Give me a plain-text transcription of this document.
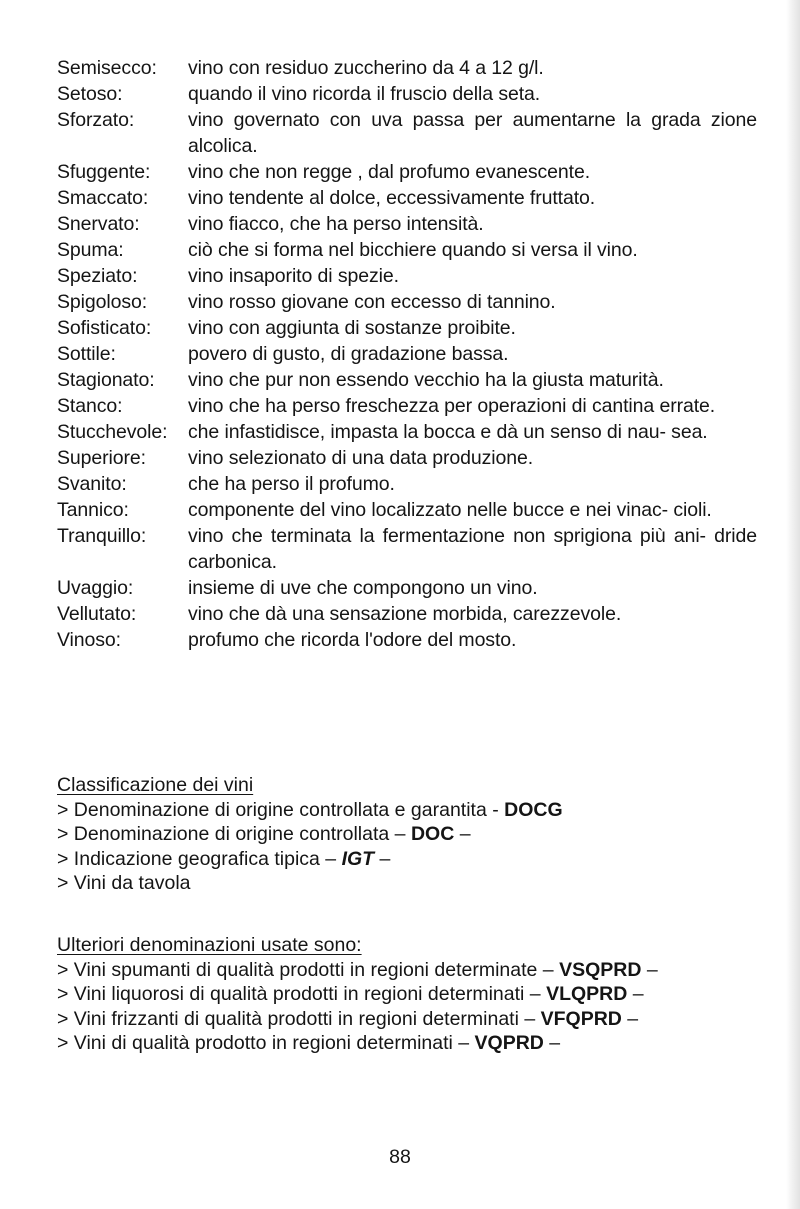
Semisecco: vino con residuo zuccherino da 4 a 12 g/l.
Setoso:	quando il vino ricorda il fruscio della seta.
Sforzato:	vino governato con uva passa per aumentarne la grada zione alcolica.
Sfuggente: vino che non regge , dal profumo evanescente.
Smaccato: vino tendente al dolce, eccessivamente fruttato.
Snervato: vino fiacco, che ha perso intensità.
Spuma:	ciò che si forma nel bicchiere quando si versa il vino.
Speziato:	vino insaporito di spezie.
Spigoloso: vino rosso giovane con eccesso di tannino.
Sofisticato: vino con aggiunta di sostanze proibite.
Sottile:	povero di gusto, di gradazione bassa.
Stagionato: vino che pur non essendo vecchio ha la giusta maturità.
Stanco:	vino che ha perso freschezza per operazioni di cantina errate.
Stucchevole: che infastidisce, impasta la bocca e dà un senso di nau- sea.
Superiore: vino selezionato di una data produzione.
Svanito:	che ha perso il profumo.
Tannico:	componente del vino localizzato nelle bucce e nei vinac- cioli.
Tranquillo: vino che terminata la fermentazione non sprigiona più ani- dride carbonica.
Uvaggio:	insieme di uve che compongono un vino.
Vellutato:	vino che dà una sensazione morbida, carezzevole.
Vinoso:	profumo che ricorda l'odore del mosto.
Classificazione dei vini
> Denominazione di origine controllata e garantita - DOCG
> Denominazione di origine controllata – DOC –
> Indicazione geografica tipica – IGT –
> Vini da tavola
Ulteriori denominazioni usate sono:
> Vini spumanti di qualità prodotti in regioni determinate – VSQPRD –
> Vini liquorosi di qualità prodotti in regioni determinati – VLQPRD –
> Vini frizzanti di qualità prodotti in regioni determinati – VFQPRD –
> Vini di qualità prodotto in regioni determinati – VQPRD –
88
